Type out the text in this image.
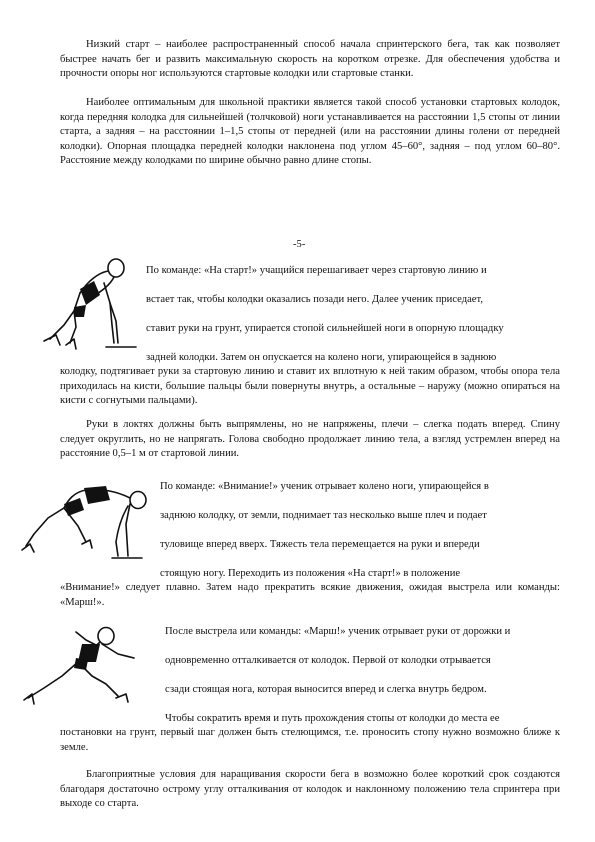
Низкий старт – наиболее распространенный способ начала спринтерского бега, так как позволяет быстрее начать бег и развить максимальную скорость на коротком отрезке. Для обеспечения удобства и прочности опоры ног используются стартовые колодки или стартовые станки.

Наиболее оптимальным для школьной практики является такой способ установки стартовых колодок, когда передняя колодка для сильнейшей (толчковой) ноги устанавливается на расстоянии 1,5 стопы от линии старта, а задняя – на расстоянии 1–1,5 стопы от передней (или на расстоянии длины голени от передней колодки). Опорная площадка передней колодки наклонена под углом 45–60°, задняя – под углом 60–80°. Расстояние между колодками по ширине обычно равно длине стопы.

-5-

По команде: «На старт!» учащийся перешагивает через стартовую линию и

встает так, чтобы колодки оказались позади него. Далее ученик приседает,

ставит руки на грунт, упирается стопой сильнейшей ноги в опорную площадку

задней колодки. Затем он опускается на колено ноги, упирающейся в заднюю

колодку, подтягивает руки за стартовую линию и ставит их вплотную к ней таким образом, чтобы опора тела приходилась на кисти, большие пальцы были повернуты внутрь, а остальные – наружу (можно опираться на кисти с согнутыми пальцами).

Руки в локтях должны быть выпрямлены, но не напряжены, плечи – слегка подать вперед. Спину следует округлить, но не напрягать. Голова свободно продолжает линию тела, а взгляд устремлен вперед на расстояние 0,5–1 м от стартовой линии.

По команде: «Внимание!» ученик отрывает колено ноги, упирающейся в

заднюю колодку, от земли, поднимает таз несколько выше плеч и подает

туловище вперед вверх. Тяжесть тела перемещается на руки и впереди

стоящую ногу. Переходить из положения «На старт!» в положение

«Внимание!» следует плавно. Затем надо прекратить всякие движения, ожидая выстрела или команды: «Марш!».

После выстрела или команды: «Марш!» ученик отрывает руки от дорожки и

одновременно отталкивается от колодок. Первой от колодки отрывается

сзади стоящая нога, которая выносится вперед и слегка внутрь бедром.

Чтобы сократить время и путь прохождения стопы от колодки до места ее

постановки на грунт, первый шаг должен быть стелющимся, т.е. проносить стопу нужно возможно ближе к земле.

Благоприятные условия для наращивания скорости бега в возможно более короткий срок создаются благодаря достаточно острому углу отталкивания от колодок и наклонному положению тела спринтера при выходе со старта.
